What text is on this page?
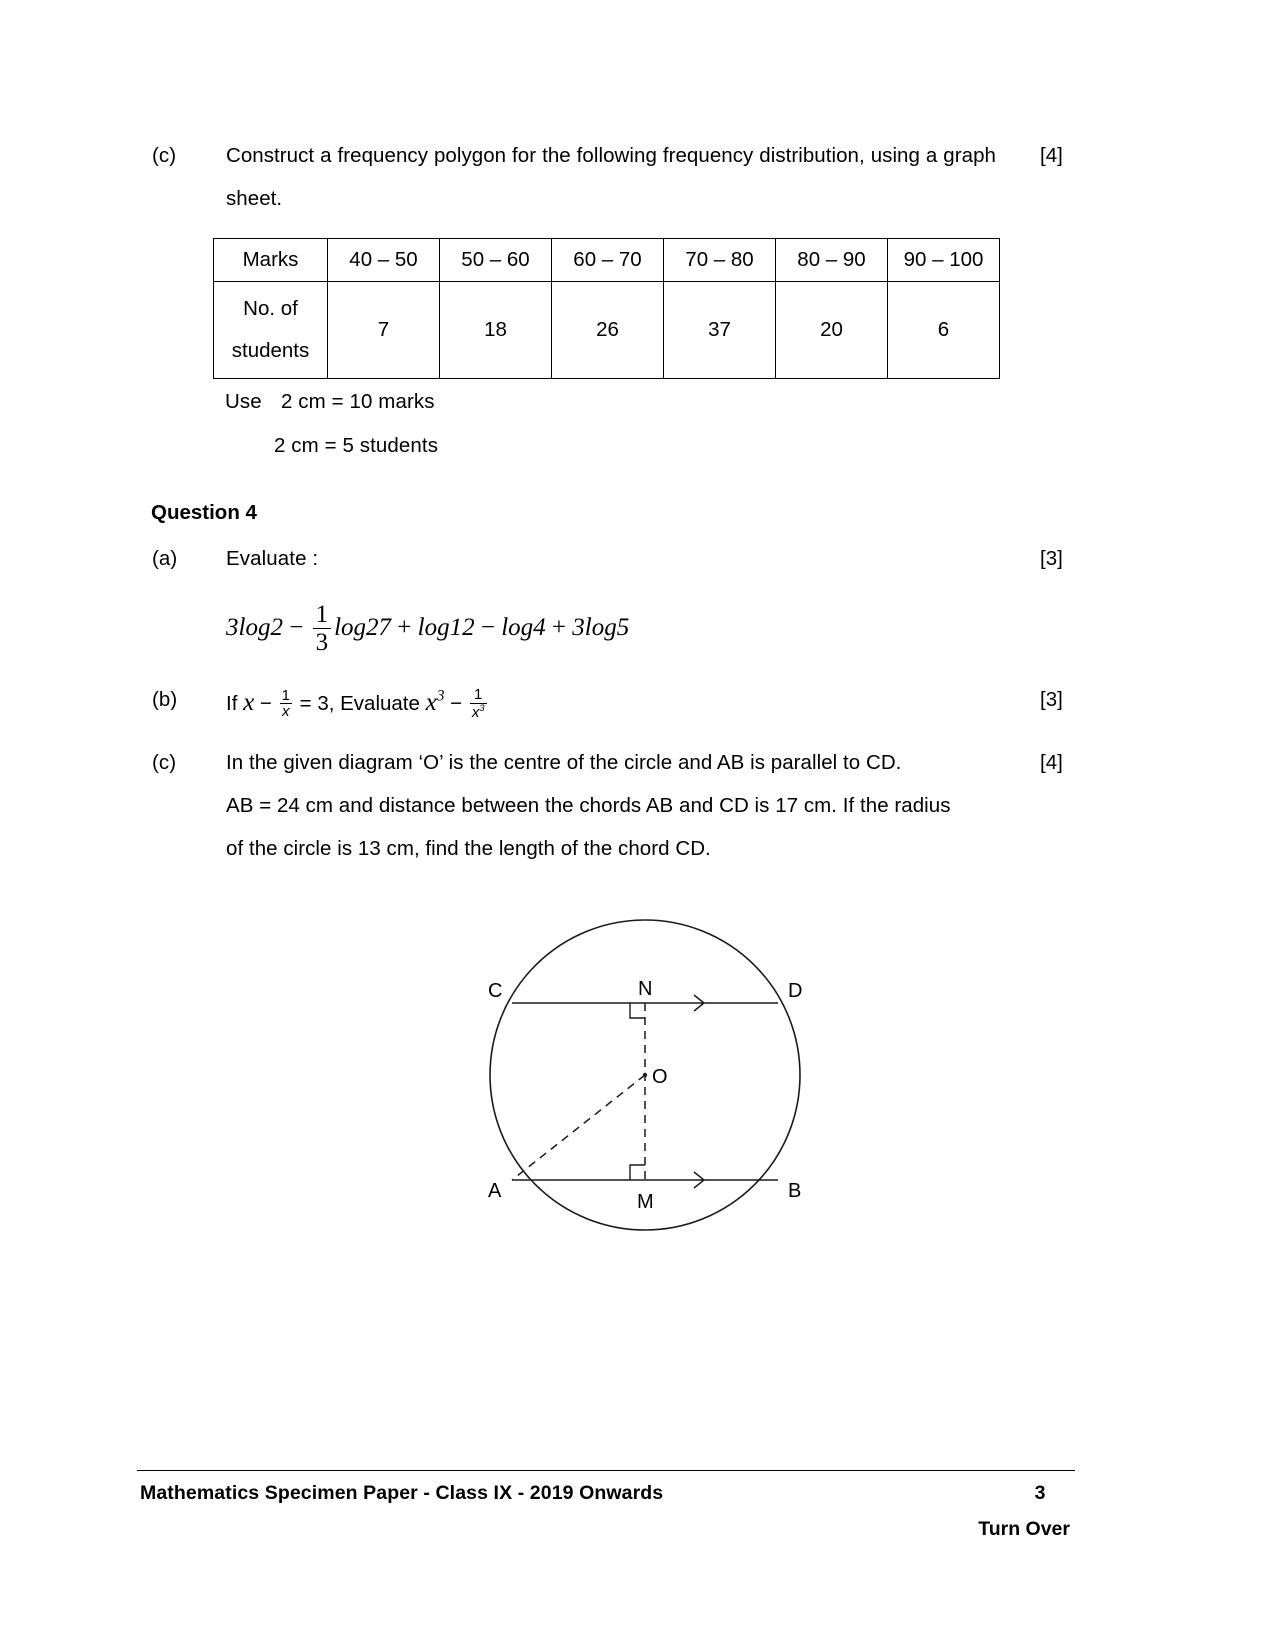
(c) Construct a frequency polygon for the following frequency distribution, using a graph sheet.
[4]
Marks	40 – 50	50 – 60	60 – 70	70 – 80	80 – 90	90 – 100
No. of
students	7	18	26	37	20	6
Use 2 cm = 10 marks
2 cm = 5 students
Question 4
(a) Evaluate :	[3]
$3\log 2 - \frac{1}{3} \log 27 + \log 12 - \log 4 + 3\log 5$
(b)	[3]
If $x - \frac{1}{x} = 3$, Evaluate $x^3 - \frac{1}{x^3}$
(c)	[4]
In the given diagram ‘O’ is the centre of the circle and AB is parallel to CD.
AB = 24 cm and distance between the chords AB and CD is 17 cm. If the radius
of the circle is 13 cm, find the length of the chord CD.
C	D
N
O
A	B
M
Mathematics Specimen Paper - Class IX - 2019 Onwards	3
Turn Over
